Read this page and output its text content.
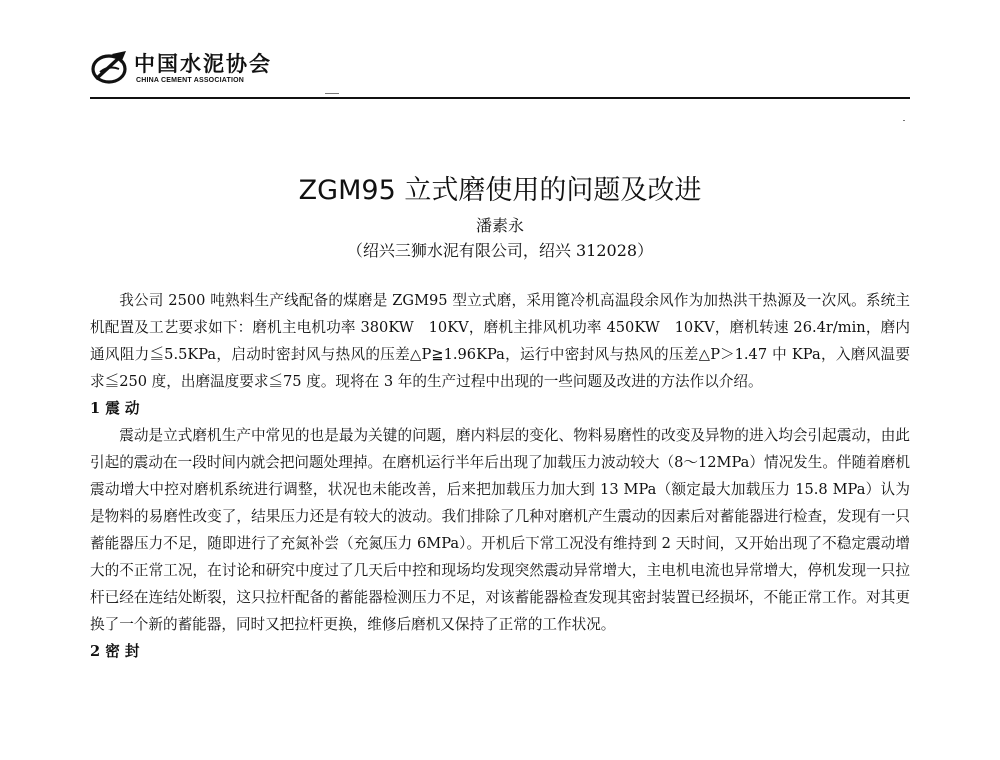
中国水泥协会
CHINA CEMENT ASSOCIATION
ZGM95 立式磨使用的问题及改进
潘素永
（绍兴三狮水泥有限公司，绍兴 312028）

我公司 2500 吨熟料生产线配备的煤磨是 ZGM95 型立式磨，采用篦冷机高温段余风作为加热洪干热源及一次风。系统主机配置及工艺要求如下：磨机主电机功率 380KW　10KV，磨机主排风机功率 450KW　10KV，磨机转速 26.4r/min，磨内通风阻力≦5.5KPa，启动时密封风与热风的压差△P≧1.96KPa，运行中密封风与热风的压差△P＞1.47 中 KPa，入磨风温要求≦250 度，出磨温度要求≦75 度。现将在 3 年的生产过程中出现的一些问题及改进的方法作以介绍。

1 震 动

震动是立式磨机生产中常见的也是最为关键的问题，磨内料层的变化、物料易磨性的改变及异物的进入均会引起震动，由此引起的震动在一段时间内就会把问题处理掉。在磨机运行半年后出现了加载压力波动较大（8～12MPa）情况发生。伴随着磨机震动增大中控对磨机系统进行调整，状况也未能改善，后来把加载压力加大到 13 MPa（额定最大加载压力 15.8 MPa）认为是物料的易磨性改变了，结果压力还是有较大的波动。我们排除了几种对磨机产生震动的因素后对蓄能器进行检查，发现有一只蓄能器压力不足，随即进行了充氮补尝（充氮压力 6MPa）。开机后下常工况没有维持到 2 天时间，又开始出现了不稳定震动增大的不正常工况，在讨论和研究中度过了几天后中控和现场均发现突然震动异常增大，主电机电流也异常增大，停机发现一只拉杆已经在连结处断裂，这只拉杆配备的蓄能器检测压力不足，对该蓄能器检查发现其密封装置已经损坏，不能正常工作。对其更换了一个新的蓄能器，同时又把拉杆更换，维修后磨机又保持了正常的工作状况。

2 密 封
